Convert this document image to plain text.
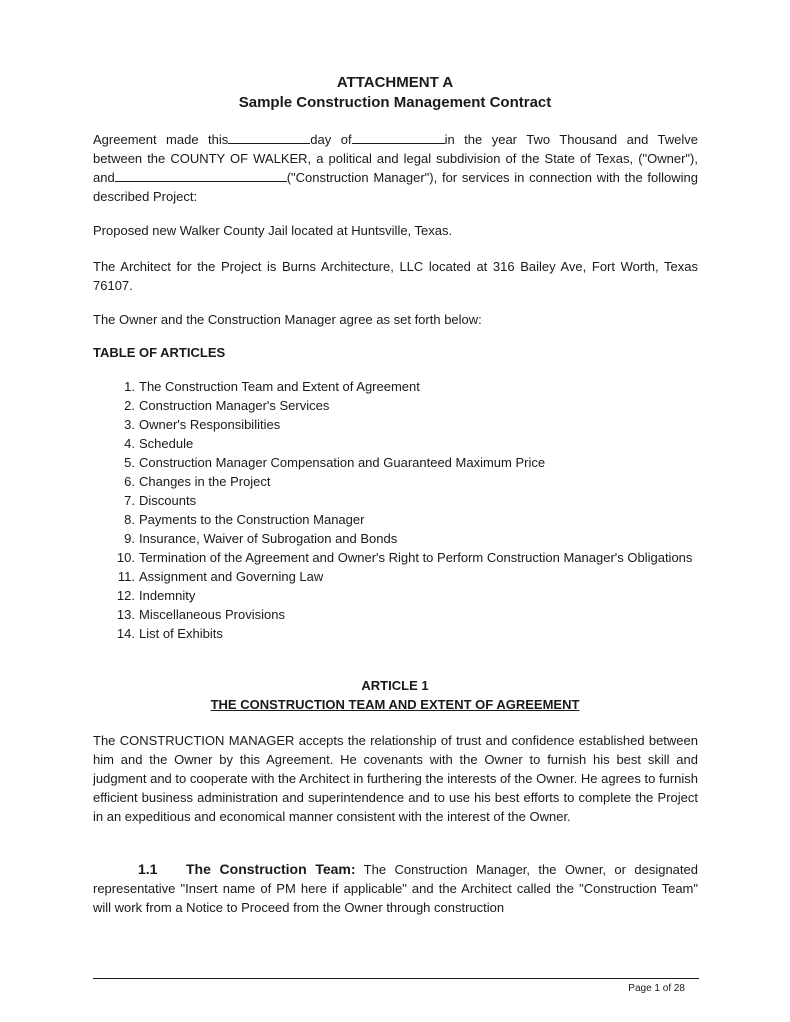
ATTACHMENT A
Sample Construction Management Contract

Agreement made this	day of	in the year Two Thousand and Twelve between the COUNTY OF WALKER, a political and legal subdivision of the State of Texas, ("Owner"), and	("Construction Manager"), for services in connection with the following described Project:

Proposed new Walker County Jail located at Huntsville, Texas.

The Architect for the Project is Burns Architecture, LLC located at 316 Bailey Ave, Fort Worth, Texas 76107.

The Owner and the Construction Manager agree as set forth below:

TABLE OF ARTICLES
1. The Construction Team and Extent of Agreement
2. Construction Manager's Services
3. Owner's Responsibilities
4. Schedule
5. Construction Manager Compensation and Guaranteed Maximum Price
6. Changes in the Project
7. Discounts
8. Payments to the Construction Manager
9. Insurance, Waiver of Subrogation and Bonds
10. Termination of the Agreement and Owner's Right to Perform Construction Manager's Obligations
11. Assignment and Governing Law
12. Indemnity
13. Miscellaneous Provisions
14. List of Exhibits
ARTICLE 1
THE CONSTRUCTION TEAM AND EXTENT OF AGREEMENT

The CONSTRUCTION MANAGER accepts the relationship of trust and confidence established between him and the Owner by this Agreement. He covenants with the Owner to furnish his best skill and judgment and to cooperate with the Architect in furthering the interests of the Owner. He agrees to furnish efficient business administration and superintendence and to use his best efforts to complete the Project in an expeditious and economical manner consistent with the interest of the Owner.

1.1 The Construction Team: The Construction Manager, the Owner, or designated representative "Insert name of PM here if applicable" and the Architect called the "Construction Team" will work from a Notice to Proceed from the Owner through construction

Page 1 of 28
